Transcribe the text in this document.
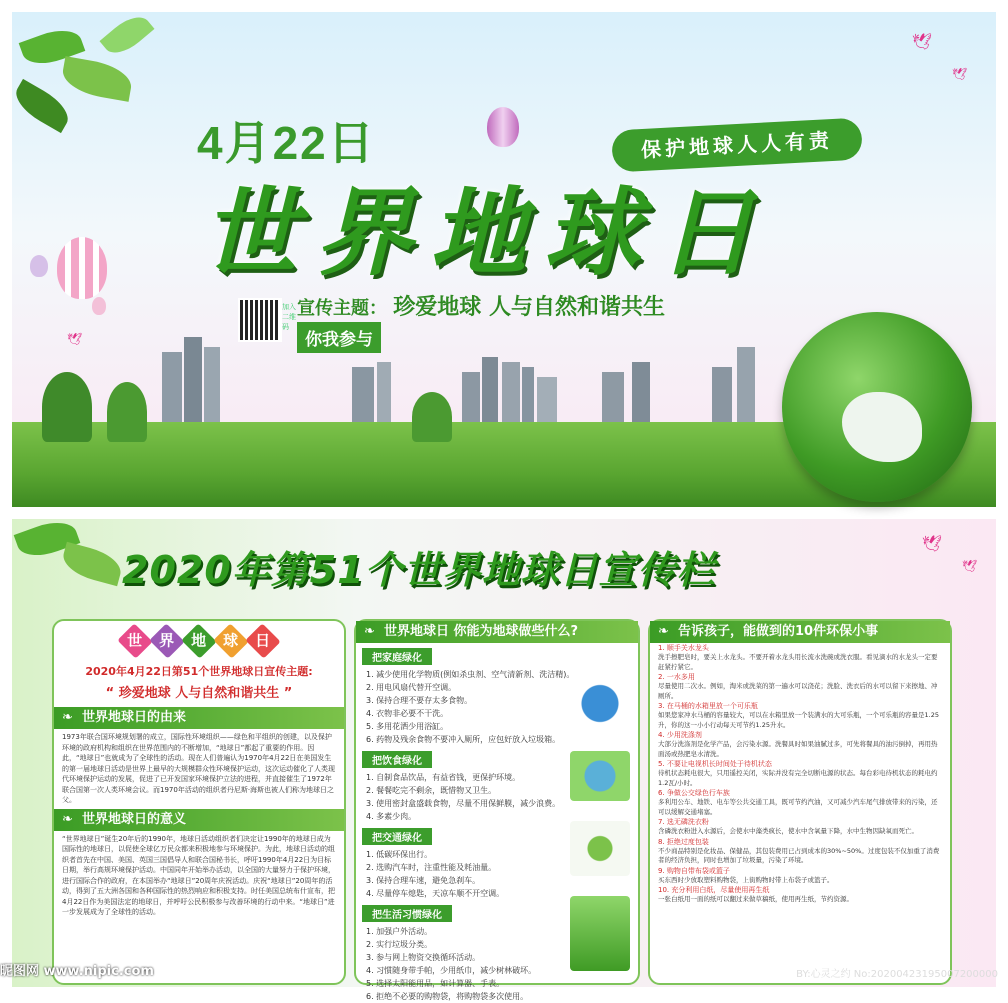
🕊
🕊
🕊
4月22日	保护地球人人有责
世界地球日
加入 二维码
宣传主题： 珍爱地球 人与自然和谐共生
你我参与
🕊
🕊
2020年第51个世界地球日宣传栏
世	界	地	球	日
2020年4月22日第51个世界地球日宣传主题:
“ 珍爱地球 人与自然和谐共生 ”
❧ 世界地球日的由来
1973年联合国环境规划署的成立，国际性环境组织——绿色和平组织的创建，以及保护环境的政府机构和组织在世界范围内的不断增加，“地球日”都起了重要的作用。因此，“地球日”也就成为了全球性的活动。现在人们普遍认为1970年4月22日在美国发生的第一届地球日活动是世界上最早的大规模群众性环境保护运动，这次运动催化了人类现代环境保护运动的发展，促进了已开发国家环境保护立法的进程，并直接催生了1972年联合国第一次人类环境会议。而1970年活动的组织者丹尼斯·海斯也被人们称为地球日之父。
❧ 世界地球日的意义
“世界地球日”诞生20年后的1990年，地球日活动组织者们决定让1990年的地球日成为国际性的地球日，以促使全球亿万民众都来积极地参与环境保护。为此，地球日活动的组织者首先在中国、美国、英国三国倡导人和联合国秘书长，呼吁1990年4月22日为目标日期，举行高规环境保护活动。中国同年开始举办活动，以全国的大量努力于保护环境，进行国际合作的政府，在本国举办“地球日”20周年庆祝活动。庆祝“地球日”20周年的活动，得到了五大洲各国和各种国际性的热烈响应和积极支持。时任美国总统布什宣布，把4月22日作为美国法定的地球日，并呼吁公民积极参与改善环境的行动中来。“地球日”进一步发展成为了全球性的活动。
❧ 世界地球日 你能为地球做些什么?
把家庭绿化
1. 减少使用化学物质(例如杀虫剂、空气清新剂、洗洁精)。
2. 用电风扇代替开空调。
3. 保持合理不要存太多食物。
4. 衣物非必要不干洗。
5. 多用花洒少用浴缸。
6. 药物及残余食物不要冲入厕所，应包好放入垃圾箱。
把饮食绿化
1. 自制食品饮品，有益省钱，更保护环境。
2. 餐餐吃完不剩余，既惜物又卫生。
3. 使用密封盒盛载食物，尽量不用保鲜膜，减少浪费。
4. 多素少肉。
把交通绿化
1. 低碳环保出行。
2. 选购汽车时，注重性能及耗油量。
3. 保持合理车速，避免急刹车。
4. 尽量停车熄匙，天凉车顺不开空调。
把生活习惯绿化
1. 加强户外活动。
2. 实行垃圾分类。
3. 参与网上物资交换循环活动。
4. 习惯随身带手帕，少用纸巾，减少树林破坏。
5. 选择太阳能用品，如计算器、手表。
6. 拒绝不必要的购物袋，将购物袋多次使用。
❧ 告诉孩子，能做到的10件环保小事
1. 顺手关水龙头
洗手擦肥皂时，要关上水龙头。不要开着水龙头用长流水洗碗或洗衣服。看见滴水的水龙头一定要赶紧拧紧它。
2. 一水多用
尽量使用二次水。例如，淘米或洗菜的第一遍水可以浇花；洗脸、洗衣后的水可以留下来擦地、冲厕所。
3. 在马桶的水箱里放一个可乐瓶
如果您家冲水马桶的容量较大，可以在水箱里放一个装满水的大可乐瓶，一个可乐瓶的容量是1.25升，你的这一小小行动每天可节约1.25升水。
4. 少用洗涤剂
大部分洗涤剂是化学产品，会污染水源。洗餐具时如果油腻过多，可先将餐具的油污倒掉，再用热面汤或热肥皂水清洗。
5. 不要让电视机长时间处于待机状态
待机状态耗电很大，只用遥控关闭，实际并没有完全切断电源的状态。每台彩电待机状态的耗电约1.2瓦/小时。
6. 争做公交绿色行车族
多利用公车、地铁、电车等公共交通工具，既可节约汽油，又可减少汽车尾气排放带来的污染，还可以缓解交通堵塞。
7. 选无磷洗衣粉
含磷洗衣粉进入水源后，会使水中藻类疯长，使水中含氧量下降，水中生物因缺氧而死亡。
8. 拒绝过度包装
不少商品特别是化妆品、保健品，其包装费用已占到成本的30%~50%。过度包装不仅加重了消费者的经济负担，同时也增加了垃圾量，污染了环境。
9. 购物自带布袋或篮子
买东西时少放取塑料购物袋，上街购物时带上布袋子或篮子。
10. 充分利用白纸，尽量使用再生纸
一张白纸用一面的纸可以翻过来做草稿纸，使用再生纸，节约资源。
昵图网 www.nipic.com	BY:心灵之约 No:20200423195007200000
